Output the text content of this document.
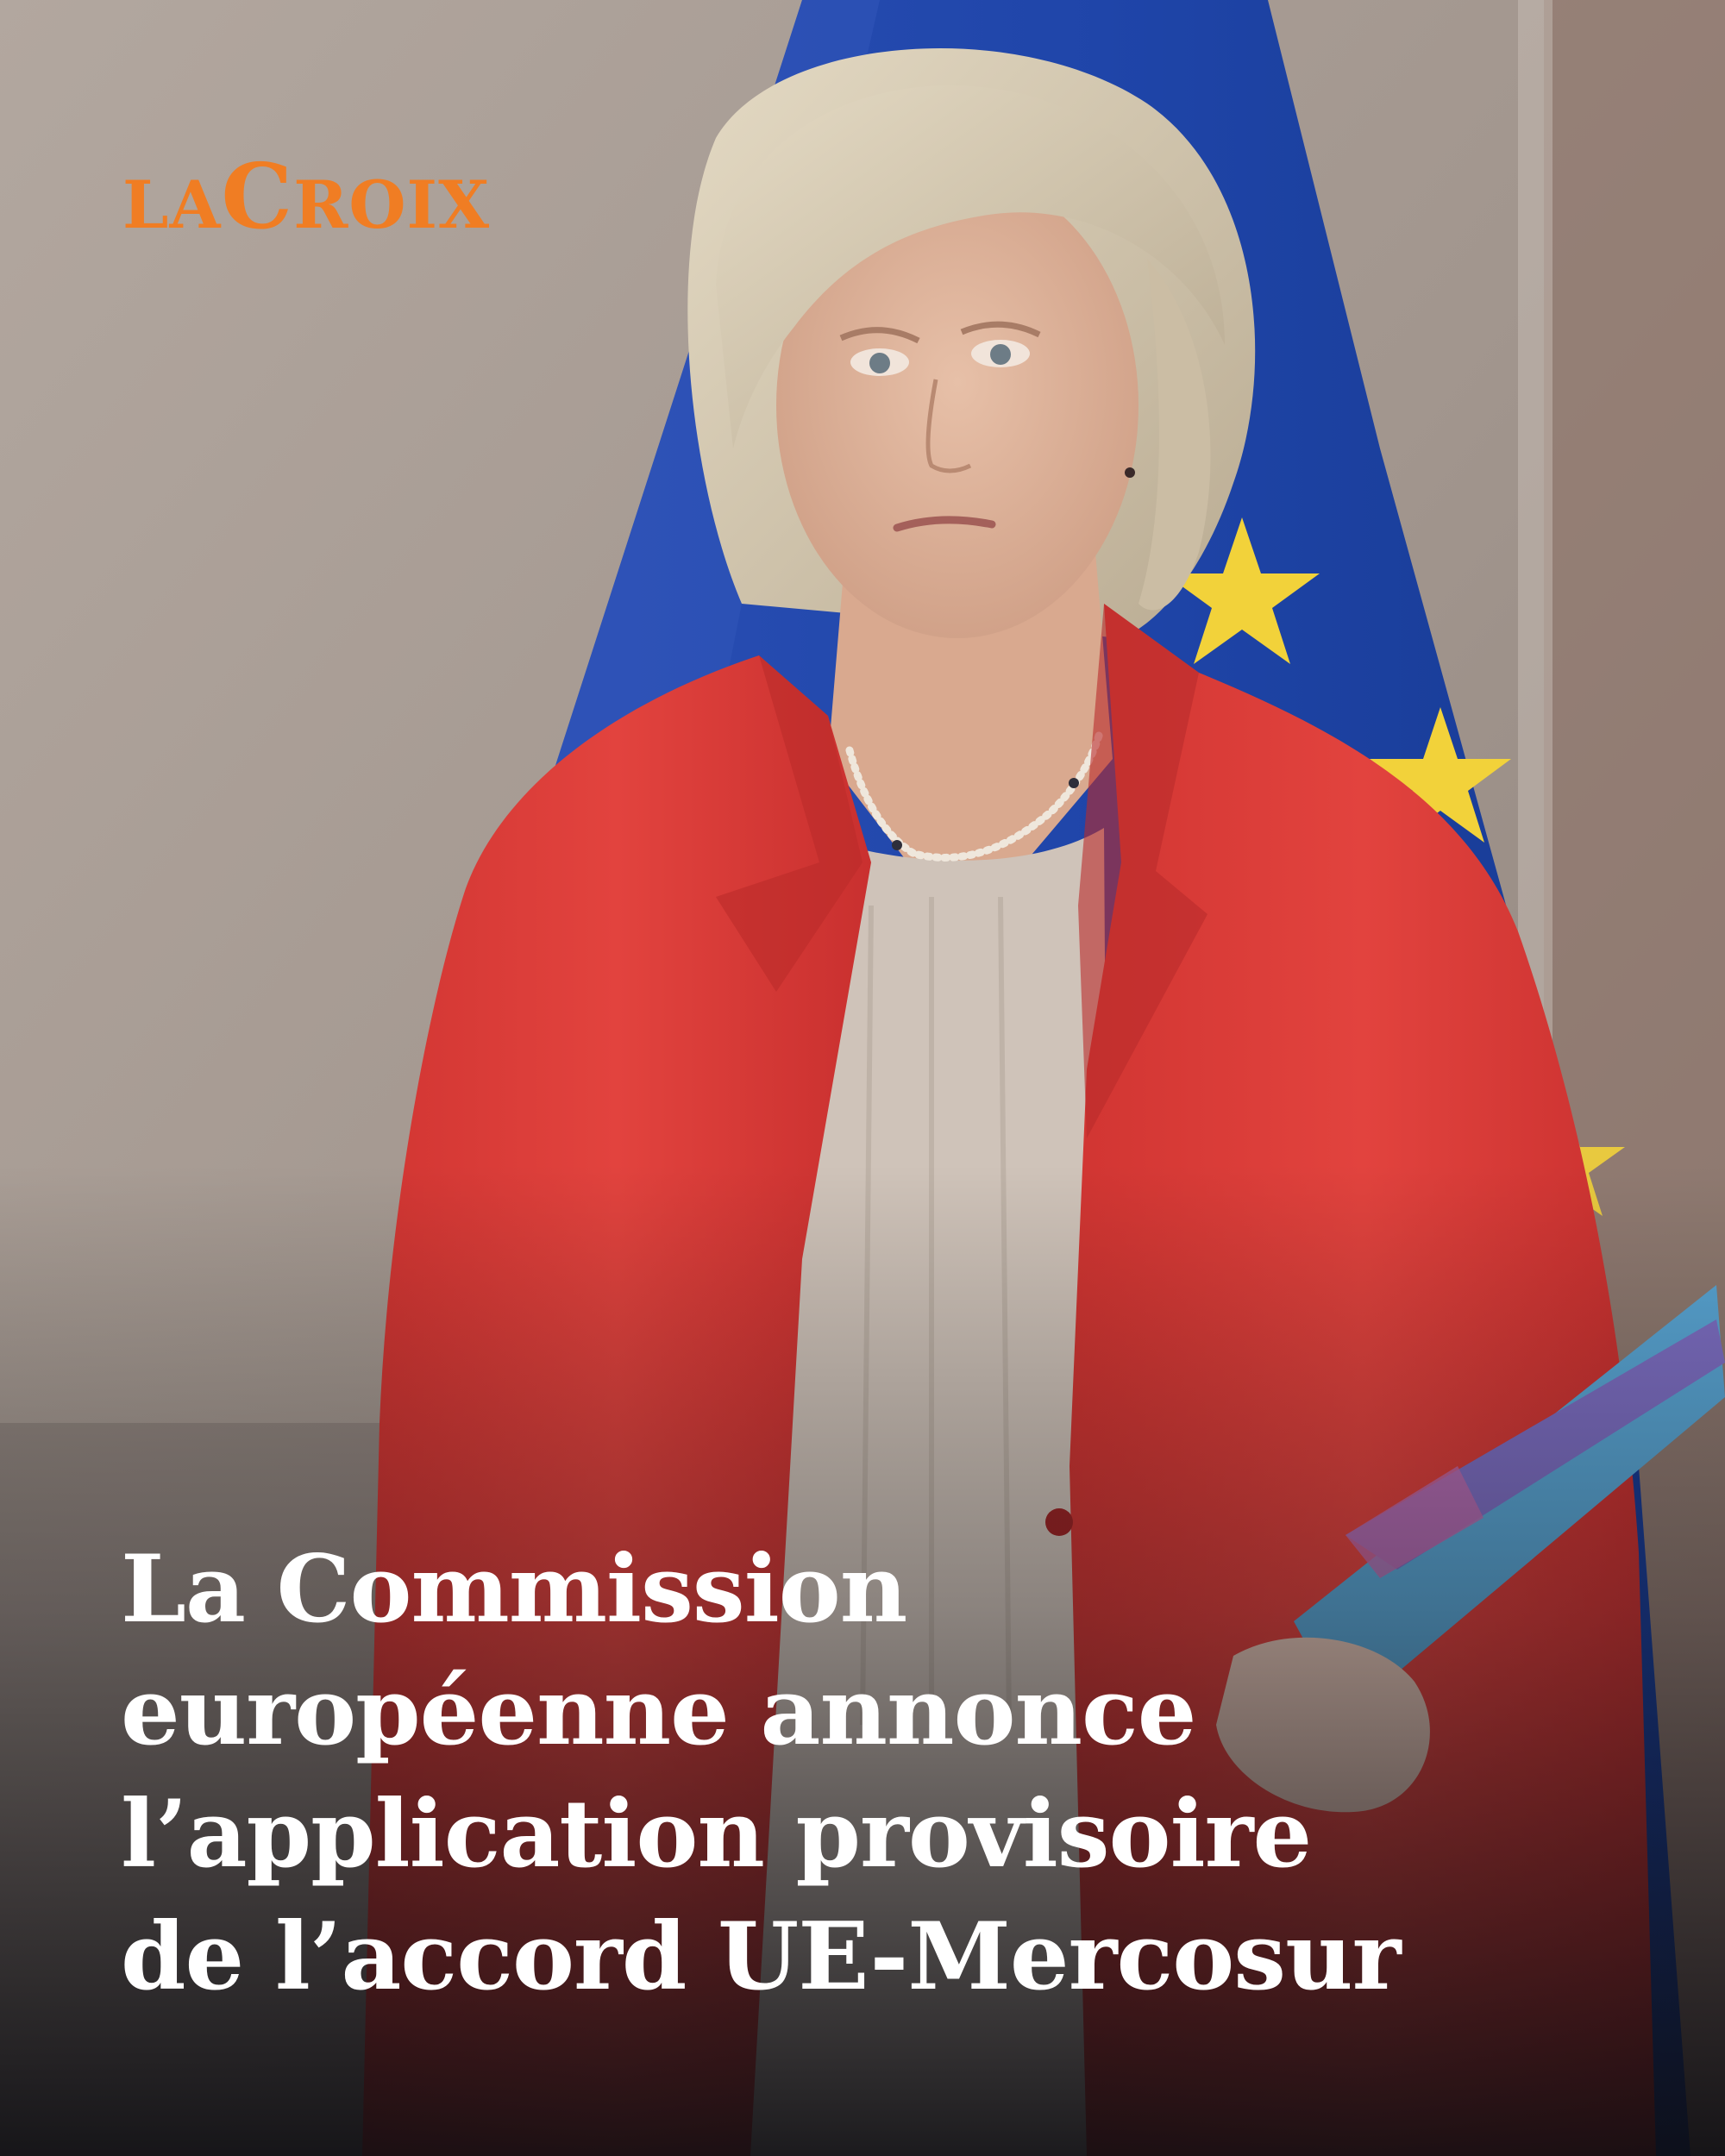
LACROIX
La Commission
européenne annonce
l’application provisoire
de l’accord UE-Mercosur
